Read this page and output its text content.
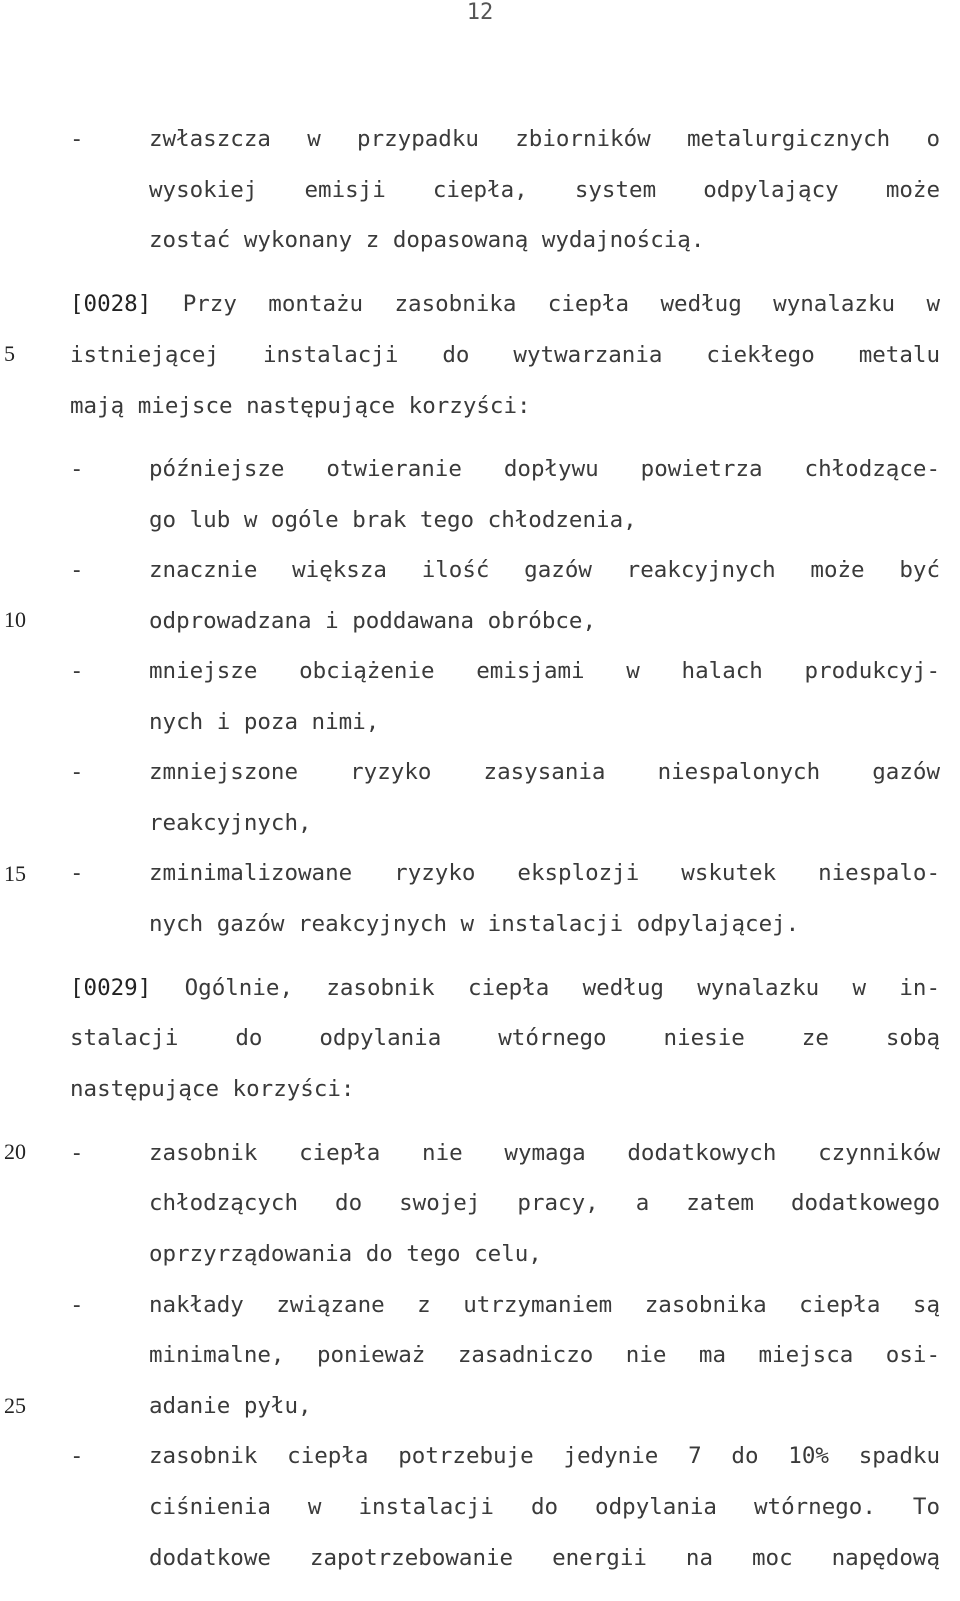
12
5
10
15
20
25
-	zwłaszcza w przypadku zbiorników metalurgicznych o
wysokiej emisji ciepła, system odpylający może
zostać wykonany z dopasowaną wydajnością.
[0028] Przy montażu zasobnika ciepła według wynalazku w
istniejącej instalacji do wytwarzania ciekłego metalu
mają miejsce następujące korzyści:
-	późniejsze otwieranie dopływu powietrza chłodzące-
go lub w ogóle brak tego chłodzenia,
-	znacznie większa ilość gazów reakcyjnych może być
odprowadzana i poddawana obróbce,
-	mniejsze obciążenie emisjami w halach produkcyj-
nych i poza nimi,
-	zmniejszone ryzyko zasysania niespalonych gazów
reakcyjnych,
-	zminimalizowane ryzyko eksplozji wskutek niespalo-
nych gazów reakcyjnych w instalacji odpylającej.
[0029] Ogólnie, zasobnik ciepła według wynalazku w in-
stalacji do odpylania wtórnego niesie ze sobą
następujące korzyści:
-	zasobnik ciepła nie wymaga dodatkowych czynników
chłodzących do swojej pracy, a zatem dodatkowego
oprzyrządowania do tego celu,
-	nakłady związane z utrzymaniem zasobnika ciepła są
minimalne, ponieważ zasadniczo nie ma miejsca osi-
adanie pyłu,
-	zasobnik ciepła potrzebuje jedynie 7 do 10% spadku
ciśnienia w instalacji do odpylania wtórnego. To
dodatkowe zapotrzebowanie energii na moc napędową
